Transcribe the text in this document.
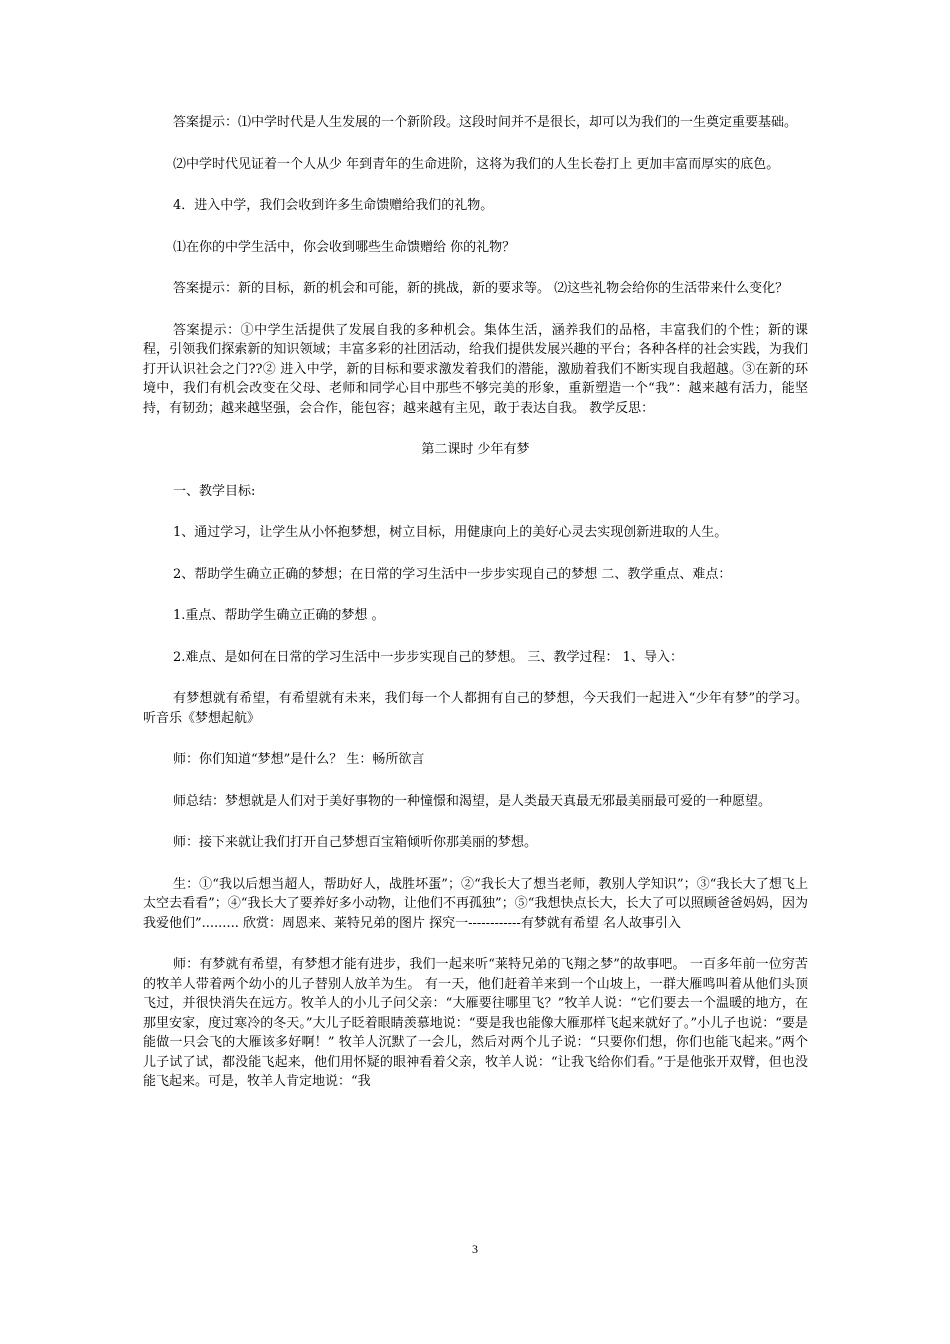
答案提示：⑴中学时代是人生发展的一个新阶段。这段时间并不是很长，却可以为我们的一生奠定重要基础。

⑵中学时代见证着一个人从少 年到青年的生命进阶，这将为我们的人生长卷打上 更加丰富而厚实的底色。

4．进入中学，我们会收到许多生命馈赠给我们的礼物。

⑴在你的中学生活中，你会收到哪些生命馈赠给 你的礼物？

答案提示：新的目标，新的机会和可能，新的挑战，新的要求等。 ⑵这些礼物会给你的生活带来什么变化？

答案提示：①中学生活提供了发展自我的多种机会。集体生活，涵养我们的品格，丰富我们的个性；新的课程，引领我们探索新的知识领域；丰富多彩的社团活动，给我们提供发展兴趣的平台；各种各样的社会实践，为我们打开认识社会之门??② 进入中学，新的目标和要求激发着我们的潜能，激励着我们不断实现自我超越。③在新的环境中，我们有机会改变在父母、老师和同学心目中那些不够完美的形象，重新塑造一个“我”：越来越有活力，能坚持，有韧劲；越来越坚强，会合作，能包容；越来越有主见，敢于表达自我。 教学反思：

第二课时 少年有梦

一、教学目标:

1、通过学习，让学生从小怀抱梦想，树立目标，用健康向上的美好心灵去实现创新进取的人生。

2、帮助学生确立正确的梦想；在日常的学习生活中一步步实现自己的梦想 二、教学重点、难点：

1.重点、帮助学生确立正确的梦想 。

2.难点、是如何在日常的学习生活中一步步实现自己的梦想。 三、教学过程： 1、导入：

有梦想就有希望，有希望就有未来，我们每一个人都拥有自己的梦想，今天我们一起进入“少年有梦”的学习。 听音乐《梦想起航》

师：你们知道“梦想”是什么？ 生：畅所欲言

师总结：梦想就是人们对于美好事物的一种憧憬和渴望，是人类最天真最无邪最美丽最可爱的一种愿望。

师：接下来就让我们打开自己梦想百宝箱倾听你那美丽的梦想。

生：①“我以后想当超人，帮助好人，战胜坏蛋”；②“我长大了想当老师，教别人学知识”；③“我长大了想飞上太空去看看”；④“我长大了要养好多小动物，让他们不再孤独”；⑤“我想快点长大，长大了可以照顾爸爸妈妈，因为我爱他们”......... 欣赏：周恩来、莱特兄弟的图片 探究一------------有梦就有希望 名人故事引入

师：有梦就有希望，有梦想才能有进步，我们一起来听“莱特兄弟的飞翔之梦”的故事吧。 一百多年前一位穷苦的牧羊人带着两个幼小的儿子替别人放羊为生。 有一天，他们赶着羊来到一个山坡上，一群大雁鸣叫着从他们头顶飞过，并很快消失在远方。牧羊人的小儿子问父亲：“大雁要往哪里飞？”牧羊人说：“它们要去一个温暖的地方，在那里安家，度过寒冷的冬天。”大儿子眨着眼睛羡慕地说：“要是我也能像大雁那样飞起来就好了。”小儿子也说：“要是能做一只会飞的大雁该多好啊！” 牧羊人沉默了一会儿，然后对两个儿子说：“只要你们想，你们也能飞起来。”两个儿子试了试，都没能飞起来，他们用怀疑的眼神看着父亲，牧羊人说：“让我飞给你们看。”于是他张开双臂，但也没能飞起来。可是，牧羊人肯定地说：“我

3
